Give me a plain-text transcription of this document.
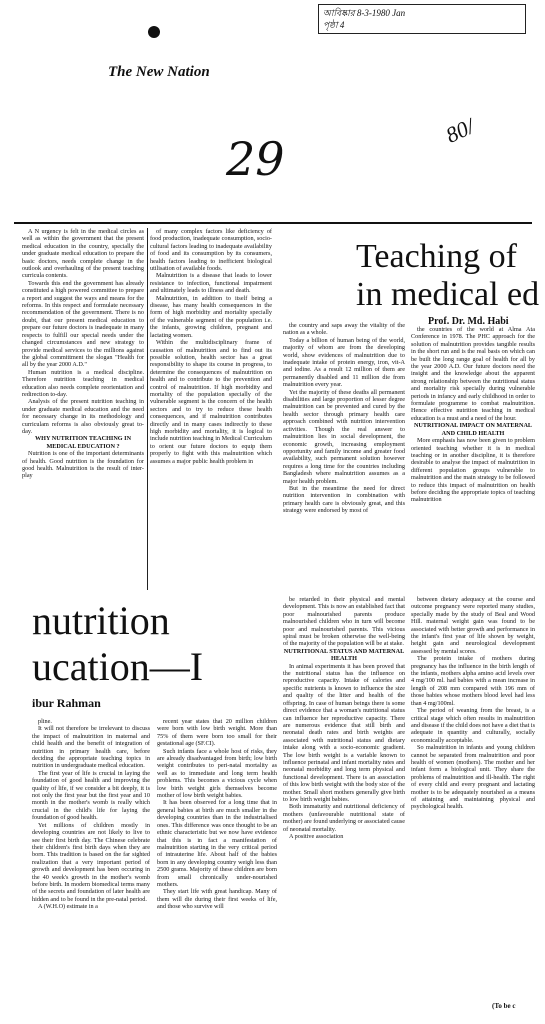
আবিষ্কার 8-3-1980 Jan
পৃষ্ঠা 4
The New Nation
29
80/
Teaching of
in medical ed
Prof. Dr. Md. Habi

A N urgency is felt in the medical circles as well as within the government that the present medical education in the country, specially the under graduate medical education to prepare the basic doctors, needs complete change in the outlook and overhauling of the present teaching curricula contents.

Towards this end the government has already constituted a high powered committee to prepare a report and suggest the ways and means for the reforms. In this respect and formulate necessary recommendation of the government. There is no doubt, that our present medical education to prepare our future doctors is inadequate in many respects to fulfill our special needs under the changed circumstances and new strategy to provide medical services to the millions against the global committment the slogan "Health for all by the year 2000 A.D."

Human nutrition is a medical discipline. Therefore nutrition teaching in medical education also needs complete reorientation and redirection to-day.

Analysis of the present nutrition teaching in under graduate medical education and the need for necessary change in its methodology and curriculam reforms is also obviously great to-day.

WHY NUTRITION TEACHING IN MEDICAL EDUCATION ?

Nutrition is one of the important determinants of health. Good nutrition is the foundation for good health. Malnutrition is the result of inter-play

of many complex factors like deficiency of food production, inadequate consumption, socio-cultural factors leading to inadequate availability of food and its consumption by its consumers, health factors leading to inefficient biological utilisation of available foods.

Malnutrition is a disease that leads to lower resistance to infection, functional impairment and ultimately leads to illness and death.

Malnutrition, in addition to itself being a disease, has many health consequences in the form of high morbidity and mortality specially of the vulnerable segment of the population i.e. the infants, growing children, pregnant and lactating women.

Within the multidisciplinary frame of causation of malnutrition and to find out its possible solution, health sector has a great responsibility to shape its course in progress, to determine the consequences of malnutrition on health and to contribute to the prevention and control of malnutrition. If high morbidity and mortality of the population specially of the vulnerable segment is the concern of the health sectors and to try to reduce these health consequences, and if malnutrition contributes directly and in many cases indirectly to these high morbidity and mortality, it is logical to include nutrition teaching in Medical Curriculum to orient our future doctors to equip them properly to fight with this malnutrition which assumes a major public health problem in

the country and saps away the vitality of the nation as a whole.

Today a billion of human being of the world, majority of whom are from the developing world, show evidences of malnutrition due to inadequate intake of protein energy, iron, vit-A and iodine. As a result 12 million of them are permanently disabled and 11 million die from malnutrition every year.

Yet the majority of these deaths all permanent disabilities and large proportion of lesser degree malnutrition can be prevented and cured by the health sector through primary health care approach combined with nutrition intervention activities. Though the real answer to malnutrition lies in social development, the economic growth, increasing employment opportunity and family income and greater food availability, such permanent solution however requires a long time for the countries including Bangladesh where malnutrition assumes as a major health problem.

But in the meantime the need for direct nutrition intervention in combination with primary health care is obviously great, and this strategy were endorsed by most of

the countries of the world at Alma Ata Conference in 1978. The PHC approach for the solution of malnutrition provides tangible results in the short run and is the real basis on which can be built the long range goal of health for all by the year 2000 A.D. Our future doctors need the insight and the knowledge about the apparent strong relationship between the nutritional status and mortality risk specially during vulnerable periods in infancy and early childhood in order to formulate programme to combat malnutrition. Hence effective nutrition teaching in medical education is a must and a need of the hour.

NUTRITIONAL IMPACT ON MATERNAL AND CHILD HEALTH

More emphasis has now been given to problem oriented teaching whether it is in medical teaching or in another discipline, it is therefore desirable to analyse the impact of malnutrition in different population groups vulnerable to malnutrition and the main strategy to be followed to reduce this impact of malnutrition on health before deciding the appropriate topics of teaching malnutrition

nutrition
ucation—I
ibur Rahman

pline.

It will not therefore be irrelevant to discuss the impact of malnutrition in maternal and child health and the benefit of integration of nutrition in primary health care, before deciding the appropriate teaching topics in nutrition in undergraduate medical education.

The first year of life is crucial in laying the foundation of good health and improving the quality of life, if we consider a bit deeply, it is not only the first year but the first year and 10 month in the mother's womb is really which crucial in the child's life for laying the foundation of good health.

Yet millions of children mostly in developing countries are not likely to live to see their first birth day. The Chinese celebrate their children's first birth days when they are born. This tradition is based on the far sighted realization that a very important period of growth and development has been occuring in the 40 week's growth in the mother's womb before birth. In modern biomedical terms many of the secrets and foundation of later health are hidden and to be found in the pre-natal period.

A (W.H.O) estimate in a

recent year states that 20 million children were born with low birth weight. More than 75% of them were born too small for their gestational age (SF.CI).

Such infants face a whole host of risks, they are already disadvantaged from birth; low birth weight contributes to peri-natal mortality as well as to immediate and long term health problems. This becomes a vicious cycle when low birth weight girls themselves become mother of low birth weight babies.

It has been observed for a long time that in general babies at birth are much smaller in the developing countries than in the industrialised ones. This difference was once thought to be an ethnic characteristic but we now have evidence that this is in fact a manifestation of malnutrition starting in the very critical period of intrauterine life. About half of the babies born in any developing country weigh less than 2500 grams. Majority of these children are born from small chronically under-nourished mothers.

They start life with great handicap. Many of them will die during their first weeks of life, and those who survive will

be retarded in their physical and mental development. This is now an established fact that poor malnourished parents produce malnourished children who in turn will become poor and malnourished parents. This vicious spiral must be broken otherwise the well-being of the majority of the population will be at stake.

NUTRITIONAL STATUS AND MATERNAL HEALTH

In animal experiments it has been proved that the nutritional status has the influence on reproductive capacity. Intake of calories and specific nutrients is known to influence the size and quality of the litter and health of the offspring. In case of human beings there is some direct evidence that a woman's nutritional status can influence her reproductive capacity. There are numerous evidence that still birth and neonatal death rates and birth weights are associated with nutritional status and dietary intake along with a socio-economic gradient. The low birth weight is a variable known to influence perinatal and infant mortality rates and neonatal morbidity and long term physical and functional development. There is an association of this low birth weight with the body size of the mother. Small short mothers generally give birth to low birth weight babies.

Both immaturity and nutritional deficiency of mothers (unfavourable nutritional state of mother) are found underlying or associated cause of neonatal mortality.

A positive association

between dietary adequacy at the course and outcome pregnancy were reported many studies, specially made by the study of Beal and Wood Hill. maternal weight gain was found to be associated with better growth and performance in the infant's first year of life shown by weight, height gain and neurological development assessed by mental scores.

The protein intake of mothers during pregnancy has the influence in the birth length of the infants, mothers alpha amino acid levels over 4 mg/100 ml. had babies with a mean increase in length of 208 mm compared with 196 mm of those babies whose mothers blood level had less than 4 mg/100ml.

The period of weaning from the breast, is a critical stage which often results in malnutrition and disease if the child does not have a diet that is adequate in quantity and culturally, socially economically acceptable.

So malnutrition in infants and young children cannot be separated from malnutrition and poor health of women (mothers). The mother and her infant form a biological unit. They share the problems of malnutrition and ill-health. The right of every child and every pregnant and lactating mother is to be adequately nourished as a means of attaining and maintaining physical and psychological health.

(To be c
